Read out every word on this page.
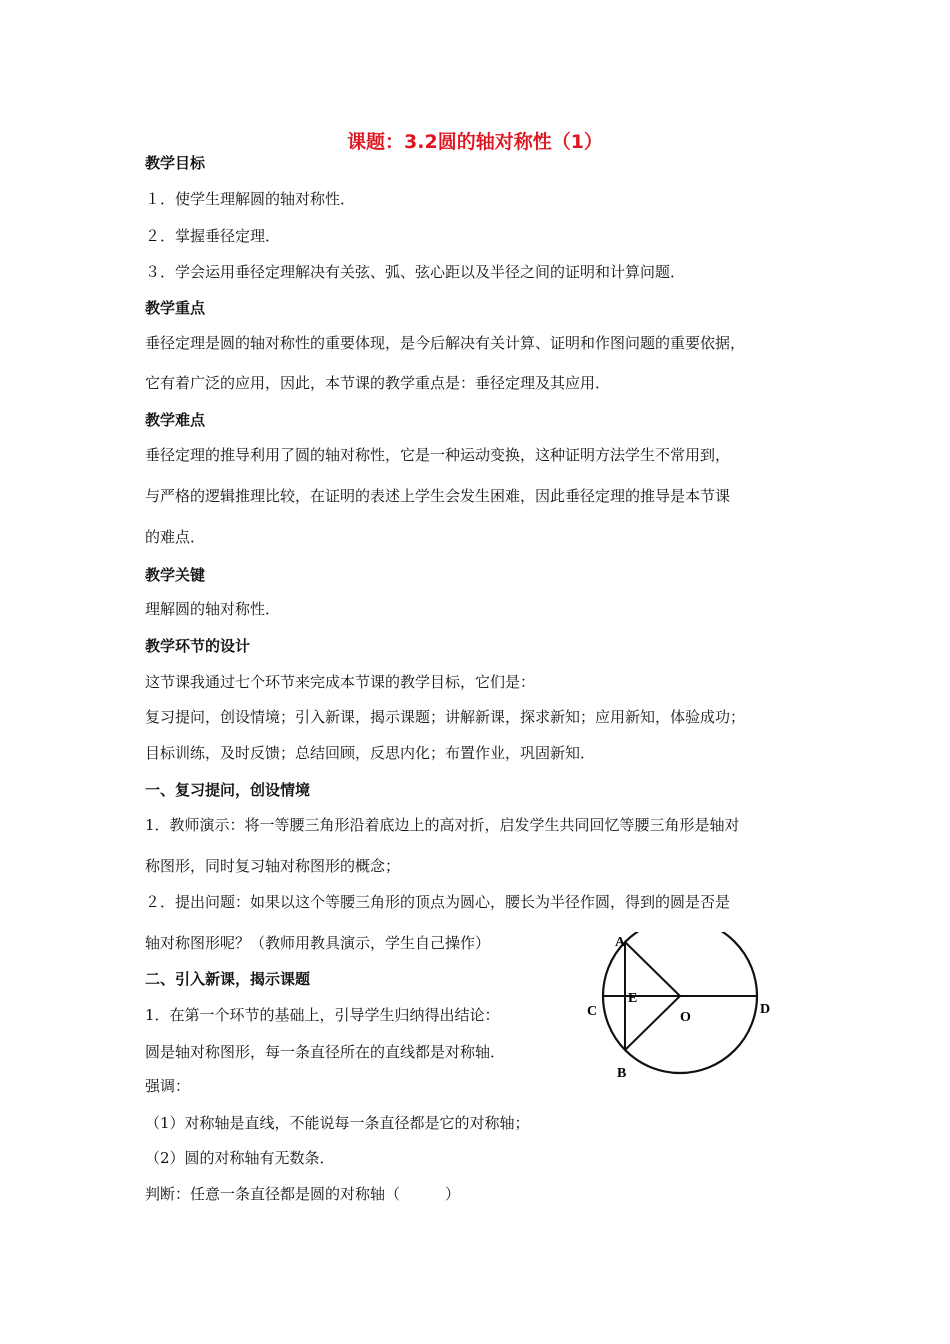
课题：3.2圆的轴对称性（1）
教学目标
１．使学生理解圆的轴对称性．
２．掌握垂径定理．
３．学会运用垂径定理解决有关弦、弧、弦心距以及半径之间的证明和计算问题．
教学重点
垂径定理是圆的轴对称性的重要体现，是今后解决有关计算、证明和作图问题的重要依据，
它有着广泛的应用，因此，本节课的教学重点是：垂径定理及其应用．
教学难点
垂径定理的推导利用了圆的轴对称性，它是一种运动变换，这种证明方法学生不常用到，
与严格的逻辑推理比较，在证明的表述上学生会发生困难，因此垂径定理的推导是本节课
的难点．
教学关键
理解圆的轴对称性．
教学环节的设计
这节课我通过七个环节来完成本节课的教学目标，它们是：
复习提问，创设情境；引入新课，揭示课题；讲解新课，探求新知；应用新知，体验成功；
目标训练，及时反馈；总结回顾，反思内化；布置作业，巩固新知．
一、复习提问，创设情境
1．教师演示：将一等腰三角形沿着底边上的高对折，启发学生共同回忆等腰三角形是轴对
称图形，同时复习轴对称图形的概念；
２．提出问题：如果以这个等腰三角形的顶点为圆心，腰长为半径作圆，得到的圆是否是
轴对称图形呢？（教师用教具演示，学生自己操作）
二、引入新课，揭示课题
1．在第一个环节的基础上，引导学生归纳得出结论：
圆是轴对称图形，每一条直径所在的直线都是对称轴．
强调：
（1）对称轴是直线，不能说每一条直径都是它的对称轴；
（2）圆的对称轴有无数条．
判断：任意一条直径都是圆的对称轴（　　　）
A
B
C	D
E
O
